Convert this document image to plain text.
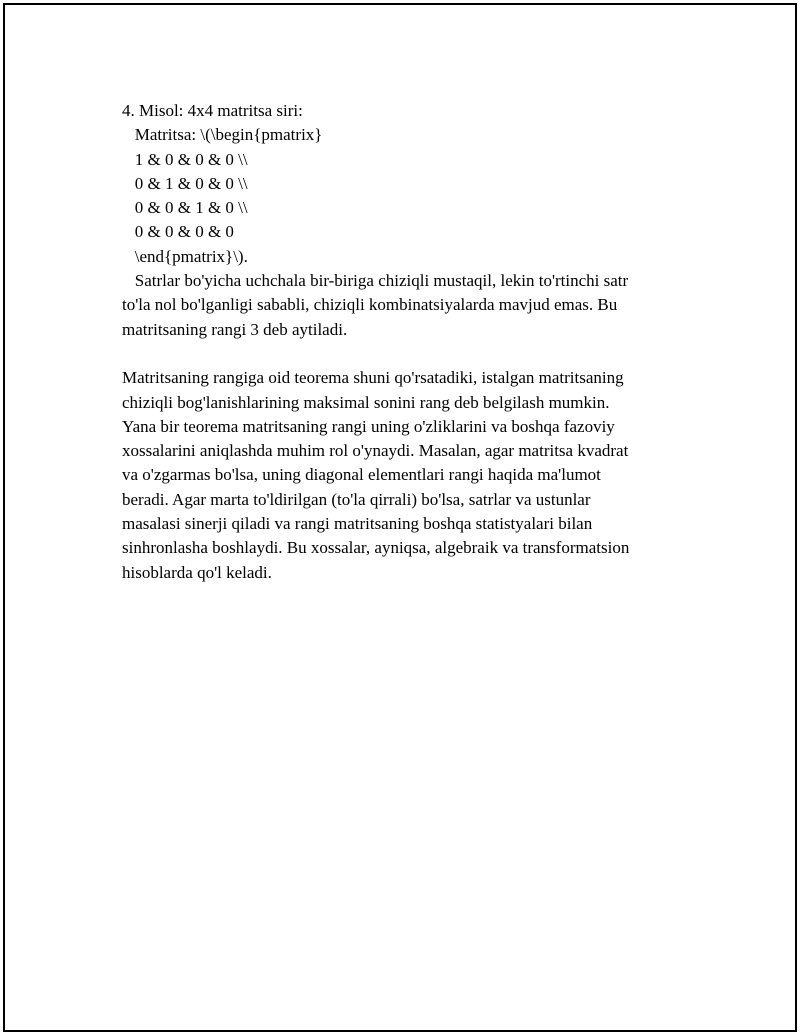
4. Misol: 4x4 matritsa siri:
Matritsa: \(\begin{pmatrix}
1 & 0 & 0 & 0 \\
0 & 1 & 0 & 0 \\
0 & 0 & 1 & 0 \\
0 & 0 & 0 & 0
\end{pmatrix}\).
Satrlar bo'yicha uchchala bir-biriga chiziqli mustaqil, lekin to'rtinchi satr
to'la nol bo'lganligi sababli, chiziqli kombinatsiyalarda mavjud emas. Bu
matritsaning rangi 3 deb aytiladi.
Matritsaning rangiga oid teorema shuni qo'rsatadiki, istalgan matritsaning
chiziqli bog'lanishlarining maksimal sonini rang deb belgilash mumkin.
Yana bir teorema matritsaning rangi uning o'zliklarini va boshqa fazoviy
xossalarini aniqlashda muhim rol o'ynaydi. Masalan, agar matritsa kvadrat
va o'zgarmas bo'lsa, uning diagonal elementlari rangi haqida ma'lumot
beradi. Agar marta to'ldirilgan (to'la qirrali) bo'lsa, satrlar va ustunlar
masalasi sinerji qiladi va rangi matritsaning boshqa statistyalari bilan
sinhronlasha boshlaydi. Bu xossalar, ayniqsa, algebraik va transformatsion
hisoblarda qo'l keladi.
